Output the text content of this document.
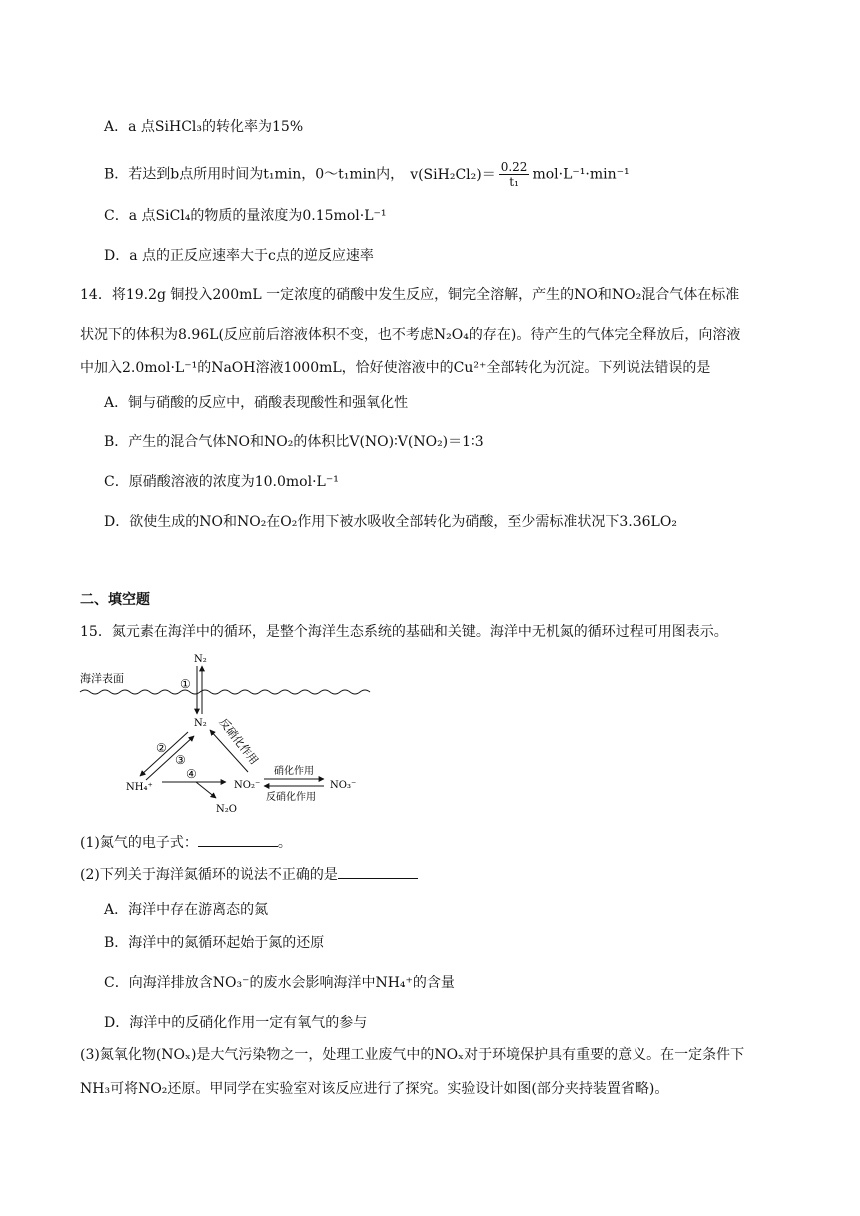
A．a 点SiHCl₃的转化率为15%
B．若达到b点所用时间为t₁min，0～t₁min内， $v(SiH_2Cl_2)= \frac{0.22}{\text{t₁}} mol\cdot L^{-1}\cdot\min^{-1}$
C．a 点SiCl₄的物质的量浓度为0.15mol·L⁻¹
D．a 点的正反应速率大于c点的逆反应速率
14．将19.2g 铜投入200mL 一定浓度的硝酸中发生反应，铜完全溶解，产生的NO和NO₂混合气体在标准
状况下的体积为8.96L(反应前后溶液体积不变，也不考虑N₂O₄的存在)。待产生的气体完全释放后，向溶液
中加入2.0mol·L⁻¹的NaOH溶液1000mL，恰好使溶液中的Cu²⁺全部转化为沉淀。下列说法错误的是
A．铜与硝酸的反应中，硝酸表现酸性和强氧化性
B．产生的混合气体NO和NO₂的体积比V(NO)∶V(NO₂)＝1∶3
C．原硝酸溶液的浓度为10.0mol·L⁻¹
D．欲使生成的NO和NO₂在O₂作用下被水吸收全部转化为硝酸，至少需标准状况下3.36LO₂
二、填空题
15．氮元素在海洋中的循环，是整个海洋生态系统的基础和关键。海洋中无机氮的循环过程可用图表示。
海洋表面
N₂
①
N₂ 反硝化作用
②
③
NH₄⁺
④
N₂O
NO₂⁻
硝化作用
反硝化作用
NO₃⁻
(1)氮气的电子式：	。
(2)下列关于海洋氮循环的说法不正确的是
A．海洋中存在游离态的氮
B．海洋中的氮循环起始于氮的还原
C．向海洋排放含NO₃⁻的废水会影响海洋中NH₄⁺的含量
D．海洋中的反硝化作用一定有氧气的参与
(3)氮氧化物(NOₓ)是大气污染物之一，处理工业废气中的NOₓ对于环境保护具有重要的意义。在一定条件下
NH₃可将NO₂还原。甲同学在实验室对该反应进行了探究。实验设计如图(部分夹持装置省略)。
